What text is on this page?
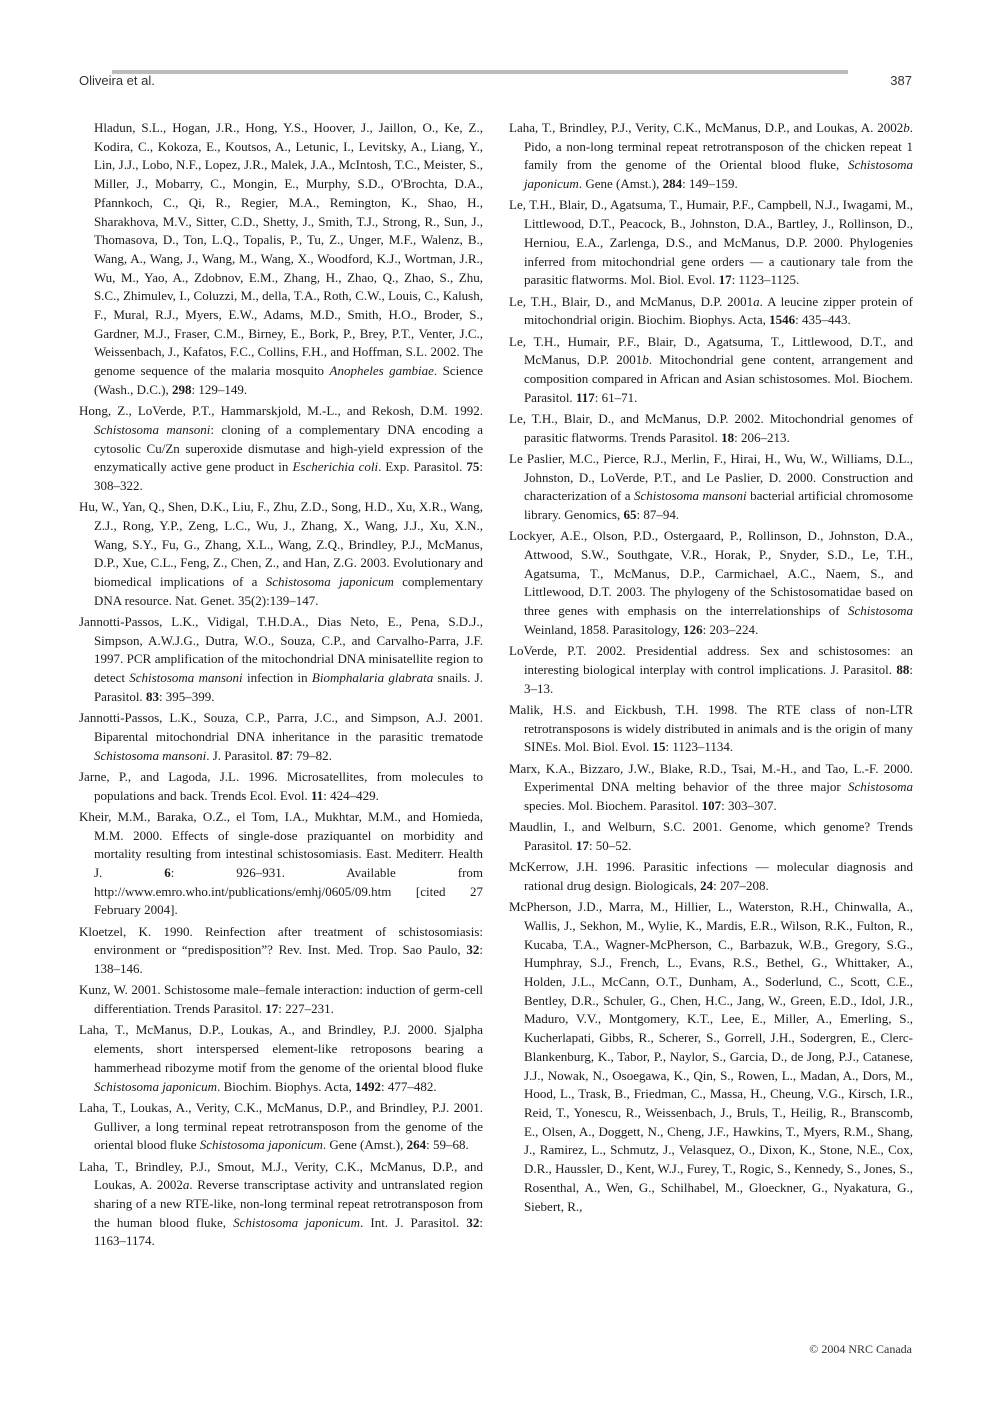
Oliveira et al.	387

Hladun, S.L., Hogan, J.R., Hong, Y.S., Hoover, J., Jaillon, O., Ke, Z., Kodira, C., Kokoza, E., Koutsos, A., Letunic, I., Levitsky, A., Liang, Y., Lin, J.J., Lobo, N.F., Lopez, J.R., Malek, J.A., McIntosh, T.C., Meister, S., Miller, J., Mobarry, C., Mongin, E., Murphy, S.D., O'Brochta, D.A., Pfannkoch, C., Qi, R., Regier, M.A., Remington, K., Shao, H., Sharakhova, M.V., Sitter, C.D., Shetty, J., Smith, T.J., Strong, R., Sun, J., Thomasova, D., Ton, L.Q., Topalis, P., Tu, Z., Unger, M.F., Walenz, B., Wang, A., Wang, J., Wang, M., Wang, X., Woodford, K.J., Wortman, J.R., Wu, M., Yao, A., Zdobnov, E.M., Zhang, H., Zhao, Q., Zhao, S., Zhu, S.C., Zhimulev, I., Coluzzi, M., della, T.A., Roth, C.W., Louis, C., Kalush, F., Mural, R.J., Myers, E.W., Adams, M.D., Smith, H.O., Broder, S., Gardner, M.J., Fraser, C.M., Birney, E., Bork, P., Brey, P.T., Venter, J.C., Weissenbach, J., Kafatos, F.C., Collins, F.H., and Hoffman, S.L. 2002. The genome sequence of the malaria mosquito Anopheles gambiae. Science (Wash., D.C.), 298: 129–149.

Hong, Z., LoVerde, P.T., Hammarskjold, M.-L., and Rekosh, D.M. 1992. Schistosoma mansoni: cloning of a complementary DNA encoding a cytosolic Cu/Zn superoxide dismutase and high-yield expression of the enzymatically active gene product in Escherichia coli. Exp. Parasitol. 75: 308–322.

Hu, W., Yan, Q., Shen, D.K., Liu, F., Zhu, Z.D., Song, H.D., Xu, X.R., Wang, Z.J., Rong, Y.P., Zeng, L.C., Wu, J., Zhang, X., Wang, J.J., Xu, X.N., Wang, S.Y., Fu, G., Zhang, X.L., Wang, Z.Q., Brindley, P.J., McManus, D.P., Xue, C.L., Feng, Z., Chen, Z., and Han, Z.G. 2003. Evolutionary and biomedical implications of a Schistosoma japonicum complementary DNA resource. Nat. Genet. 35(2):139–147.

Jannotti-Passos, L.K., Vidigal, T.H.D.A., Dias Neto, E., Pena, S.D.J., Simpson, A.W.J.G., Dutra, W.O., Souza, C.P., and Carvalho-Parra, J.F. 1997. PCR amplification of the mitochondrial DNA minisatellite region to detect Schistosoma mansoni infection in Biomphalaria glabrata snails. J. Parasitol. 83: 395–399.

Jannotti-Passos, L.K., Souza, C.P., Parra, J.C., and Simpson, A.J. 2001. Biparental mitochondrial DNA inheritance in the parasitic trematode Schistosoma mansoni. J. Parasitol. 87: 79–82.

Jarne, P., and Lagoda, J.L. 1996. Microsatellites, from molecules to populations and back. Trends Ecol. Evol. 11: 424–429.

Kheir, M.M., Baraka, O.Z., el Tom, I.A., Mukhtar, M.M., and Homieda, M.M. 2000. Effects of single-dose praziquantel on morbidity and mortality resulting from intestinal schistosomiasis. East. Mediterr. Health J. 6: 926–931. Available from http://www.emro.who.int/publications/emhj/0605/09.htm [cited 27 February 2004].

Kloetzel, K. 1990. Reinfection after treatment of schistosomiasis: environment or “predisposition”? Rev. Inst. Med. Trop. Sao Paulo, 32: 138–146.

Kunz, W. 2001. Schistosome male–female interaction: induction of germ-cell differentiation. Trends Parasitol. 17: 227–231.

Laha, T., McManus, D.P., Loukas, A., and Brindley, P.J. 2000. Sjalpha elements, short interspersed element-like retroposons bearing a hammerhead ribozyme motif from the genome of the oriental blood fluke Schistosoma japonicum. Biochim. Biophys. Acta, 1492: 477–482.

Laha, T., Loukas, A., Verity, C.K., McManus, D.P., and Brindley, P.J. 2001. Gulliver, a long terminal repeat retrotransposon from the genome of the oriental blood fluke Schistosoma japonicum. Gene (Amst.), 264: 59–68.

Laha, T., Brindley, P.J., Smout, M.J., Verity, C.K., McManus, D.P., and Loukas, A. 2002a. Reverse transcriptase activity and untranslated region sharing of a new RTE-like, non-long terminal repeat retrotransposon from the human blood fluke, Schistosoma japonicum. Int. J. Parasitol. 32: 1163–1174.

Laha, T., Brindley, P.J., Verity, C.K., McManus, D.P., and Loukas, A. 2002b. Pido, a non-long terminal repeat retrotransposon of the chicken repeat 1 family from the genome of the Oriental blood fluke, Schistosoma japonicum. Gene (Amst.), 284: 149–159.

Le, T.H., Blair, D., Agatsuma, T., Humair, P.F., Campbell, N.J., Iwagami, M., Littlewood, D.T., Peacock, B., Johnston, D.A., Bartley, J., Rollinson, D., Herniou, E.A., Zarlenga, D.S., and McManus, D.P. 2000. Phylogenies inferred from mitochondrial gene orders — a cautionary tale from the parasitic flatworms. Mol. Biol. Evol. 17: 1123–1125.

Le, T.H., Blair, D., and McManus, D.P. 2001a. A leucine zipper protein of mitochondrial origin. Biochim. Biophys. Acta, 1546: 435–443.

Le, T.H., Humair, P.F., Blair, D., Agatsuma, T., Littlewood, D.T., and McManus, D.P. 2001b. Mitochondrial gene content, arrangement and composition compared in African and Asian schistosomes. Mol. Biochem. Parasitol. 117: 61–71.

Le, T.H., Blair, D., and McManus, D.P. 2002. Mitochondrial genomes of parasitic flatworms. Trends Parasitol. 18: 206–213.

Le Paslier, M.C., Pierce, R.J., Merlin, F., Hirai, H., Wu, W., Williams, D.L., Johnston, D., LoVerde, P.T., and Le Paslier, D. 2000. Construction and characterization of a Schistosoma mansoni bacterial artificial chromosome library. Genomics, 65: 87–94.

Lockyer, A.E., Olson, P.D., Ostergaard, P., Rollinson, D., Johnston, D.A., Attwood, S.W., Southgate, V.R., Horak, P., Snyder, S.D., Le, T.H., Agatsuma, T., McManus, D.P., Carmichael, A.C., Naem, S., and Littlewood, D.T. 2003. The phylogeny of the Schistosomatidae based on three genes with emphasis on the interrelationships of Schistosoma Weinland, 1858. Parasitology, 126: 203–224.

LoVerde, P.T. 2002. Presidential address. Sex and schistosomes: an interesting biological interplay with control implications. J. Parasitol. 88: 3–13.

Malik, H.S. and Eickbush, T.H. 1998. The RTE class of non-LTR retrotransposons is widely distributed in animals and is the origin of many SINEs. Mol. Biol. Evol. 15: 1123–1134.

Marx, K.A., Bizzaro, J.W., Blake, R.D., Tsai, M.-H., and Tao, L.-F. 2000. Experimental DNA melting behavior of the three major Schistosoma species. Mol. Biochem. Parasitol. 107: 303–307.

Maudlin, I., and Welburn, S.C. 2001. Genome, which genome? Trends Parasitol. 17: 50–52.

McKerrow, J.H. 1996. Parasitic infections — molecular diagnosis and rational drug design. Biologicals, 24: 207–208.

McPherson, J.D., Marra, M., Hillier, L., Waterston, R.H., Chinwalla, A., Wallis, J., Sekhon, M., Wylie, K., Mardis, E.R., Wilson, R.K., Fulton, R., Kucaba, T.A., Wagner-McPherson, C., Barbazuk, W.B., Gregory, S.G., Humphray, S.J., French, L., Evans, R.S., Bethel, G., Whittaker, A., Holden, J.L., McCann, O.T., Dunham, A., Soderlund, C., Scott, C.E., Bentley, D.R., Schuler, G., Chen, H.C., Jang, W., Green, E.D., Idol, J.R., Maduro, V.V., Montgomery, K.T., Lee, E., Miller, A., Emerling, S., Kucherlapati, Gibbs, R., Scherer, S., Gorrell, J.H., Sodergren, E., Clerc-Blankenburg, K., Tabor, P., Naylor, S., Garcia, D., de Jong, P.J., Catanese, J.J., Nowak, N., Osoegawa, K., Qin, S., Rowen, L., Madan, A., Dors, M., Hood, L., Trask, B., Friedman, C., Massa, H., Cheung, V.G., Kirsch, I.R., Reid, T., Yonescu, R., Weissenbach, J., Bruls, T., Heilig, R., Branscomb, E., Olsen, A., Doggett, N., Cheng, J.F., Hawkins, T., Myers, R.M., Shang, J., Ramirez, L., Schmutz, J., Velasquez, O., Dixon, K., Stone, N.E., Cox, D.R., Haussler, D., Kent, W.J., Furey, T., Rogic, S., Kennedy, S., Jones, S., Rosenthal, A., Wen, G., Schilhabel, M., Gloeckner, G., Nyakatura, G., Siebert, R.,

© 2004 NRC Canada
